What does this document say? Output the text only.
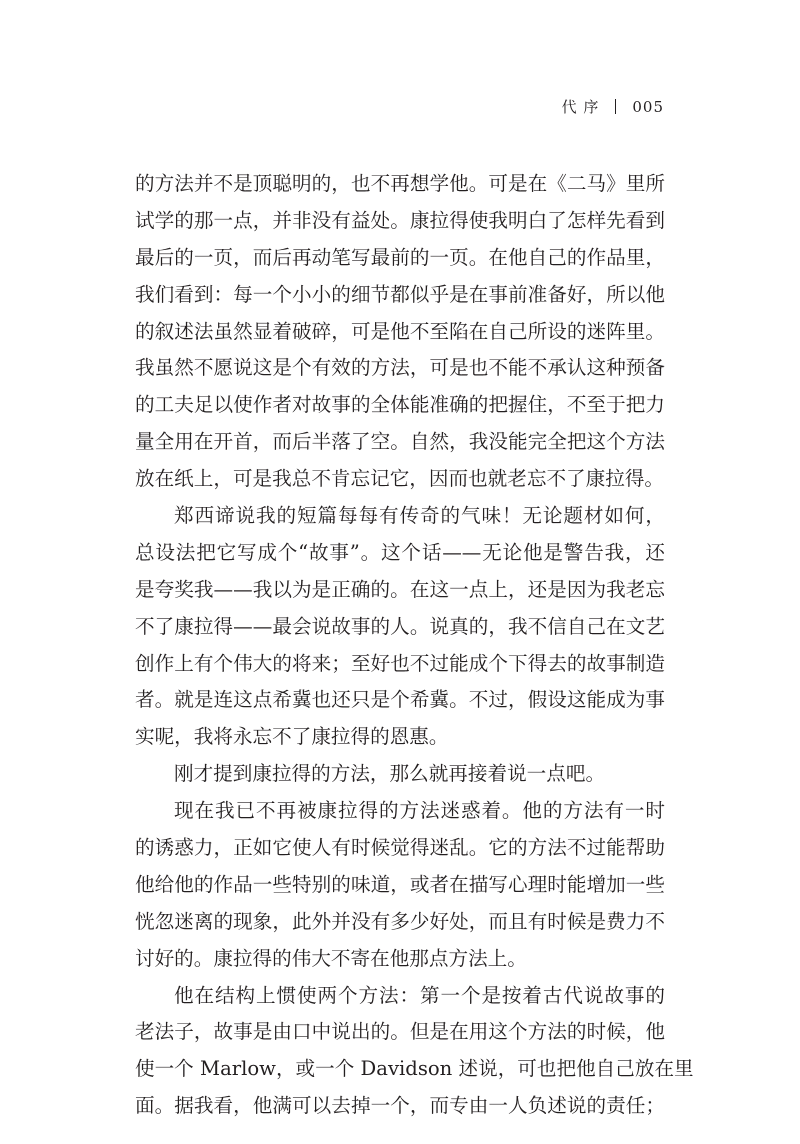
代 序 005
的方法并不是顶聪明的，也不再想学他。可是在《二马》里所
试学的那一点，并非没有益处。康拉得使我明白了怎样先看到
最后的一页，而后再动笔写最前的一页。在他自己的作品里，
我们看到：每一个小小的细节都似乎是在事前准备好，所以他
的叙述法虽然显着破碎，可是他不至陷在自己所设的迷阵里。
我虽然不愿说这是个有效的方法，可是也不能不承认这种预备
的工夫足以使作者对故事的全体能准确的把握住，不至于把力
量全用在开首，而后半落了空。自然，我没能完全把这个方法
放在纸上，可是我总不肯忘记它，因而也就老忘不了康拉得。
郑西谛说我的短篇每每有传奇的气味！无论题材如何，
总设法把它写成个“故事”。这个话——无论他是警告我，还
是夸奖我——我以为是正确的。在这一点上，还是因为我老忘
不了康拉得——最会说故事的人。说真的，我不信自己在文艺
创作上有个伟大的将来；至好也不过能成个下得去的故事制造
者。就是连这点希冀也还只是个希冀。不过，假设这能成为事
实呢，我将永忘不了康拉得的恩惠。
刚才提到康拉得的方法，那么就再接着说一点吧。
现在我已不再被康拉得的方法迷惑着。他的方法有一时
的诱惑力，正如它使人有时候觉得迷乱。它的方法不过能帮助
他给他的作品一些特别的味道，或者在描写心理时能增加一些
恍忽迷离的现象，此外并没有多少好处，而且有时候是费力不
讨好的。康拉得的伟大不寄在他那点方法上。
他在结构上惯使两个方法：第一个是按着古代说故事的
老法子，故事是由口中说出的。但是在用这个方法的时候，他
使一个 Marlow，或一个 Davidson 述说，可也把他自己放在里
面。据我看，他满可以去掉一个，而专由一人负述说的责任；
